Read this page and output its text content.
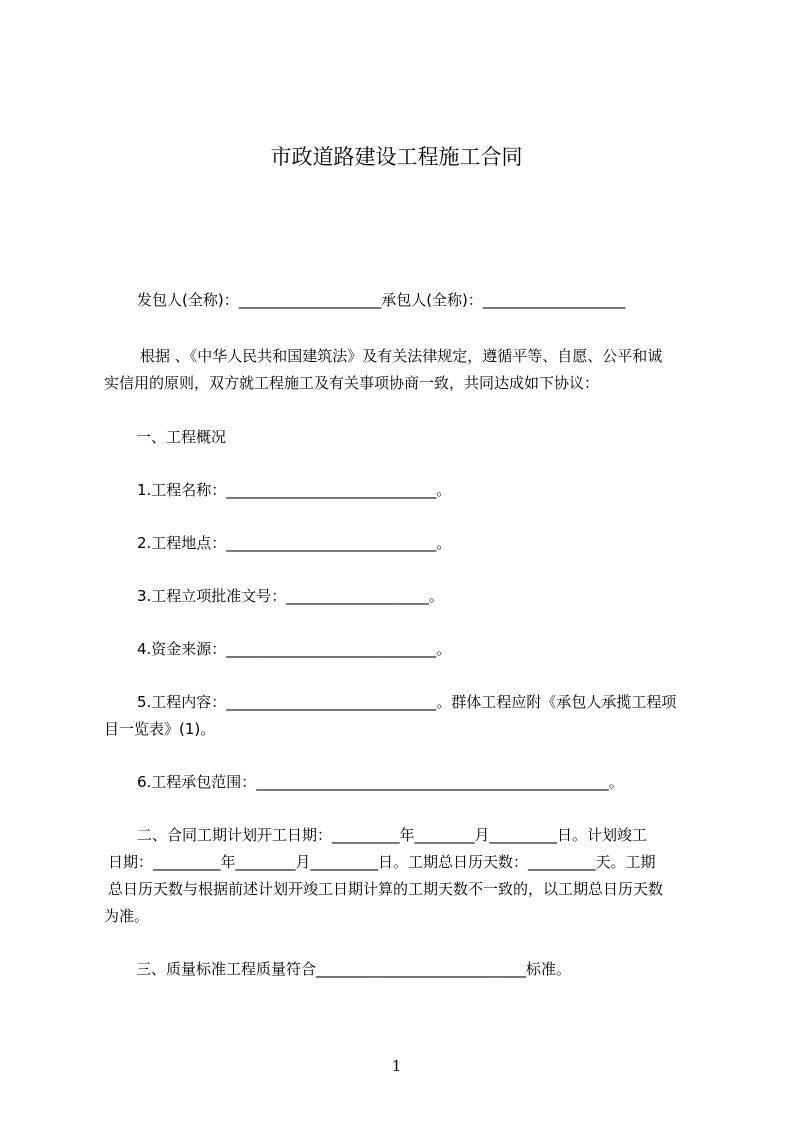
市政道路建设工程施工合同
发包人(全称)：___________________承包人(全称)：___________________
根据 、《中华人民共和国建筑法》及有关法律规定，遵循平等、自愿、公平和诚
实信用的原则，双方就工程施工及有关事项协商一致，共同达成如下协议：
一、工程概况
1.工程名称：____________________________。
2.工程地点：____________________________。
3.工程立项批准文号：___________________。
4.资金来源：____________________________。
5.工程内容：____________________________。群体工程应附《承包人承揽工程项
目一览表》(1)。
6.工程承包范围：_______________________________________________。
二、合同工期计划开工日期：_________年________月_________日。计划竣工
日期：_________年________月_________日。工期总日历天数：_________天。工期
总日历天数与根据前述计划开竣工日期计算的工期天数不一致的，以工期总日历天数
为准。
三、质量标准工程质量符合____________________________标准。
1
